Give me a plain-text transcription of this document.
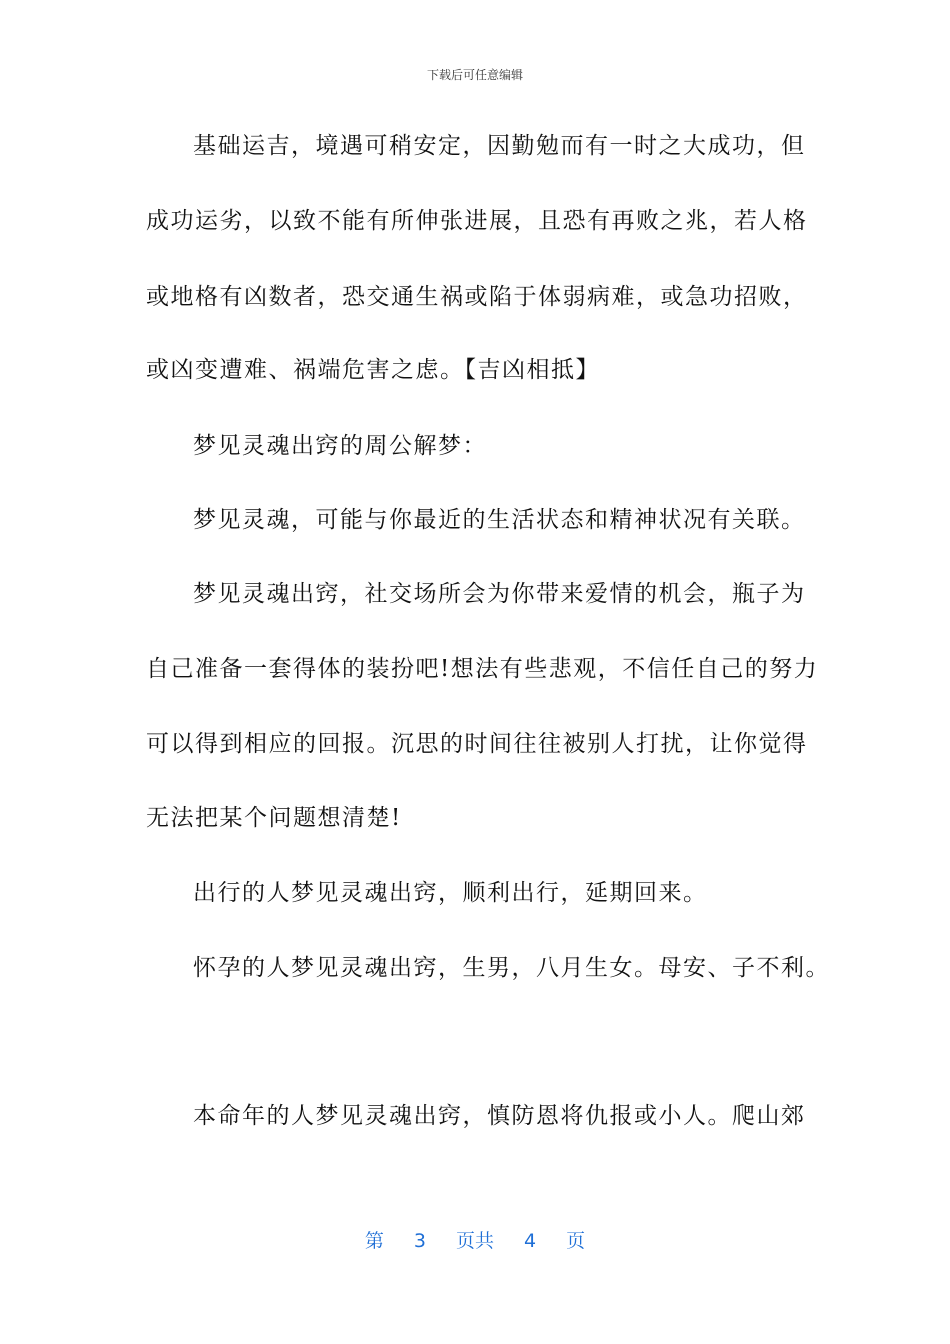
下载后可任意编辑
基础运吉，境遇可稍安定，因勤勉而有一时之大成功，但
成功运劣，以致不能有所伸张进展，且恐有再败之兆，若人格
或地格有凶数者，恐交通生祸或陷于体弱病难，或急功招败，
或凶变遭难、祸端危害之虑。【吉凶相抵】
梦见灵魂出窍的周公解梦：
梦见灵魂，可能与你最近的生活状态和精神状况有关联。
梦见灵魂出窍，社交场所会为你带来爱情的机会，瓶子为
自己准备一套得体的装扮吧!想法有些悲观，不信任自己的努力
可以得到相应的回报。沉思的时间往往被别人打扰，让你觉得
无法把某个问题想清楚!
出行的人梦见灵魂出窍，顺利出行，延期回来。
怀孕的人梦见灵魂出窍，生男，八月生女。母安、子不利。
本命年的人梦见灵魂出窍，慎防恩将仇报或小人。爬山郊
第 3 页共 4 页
